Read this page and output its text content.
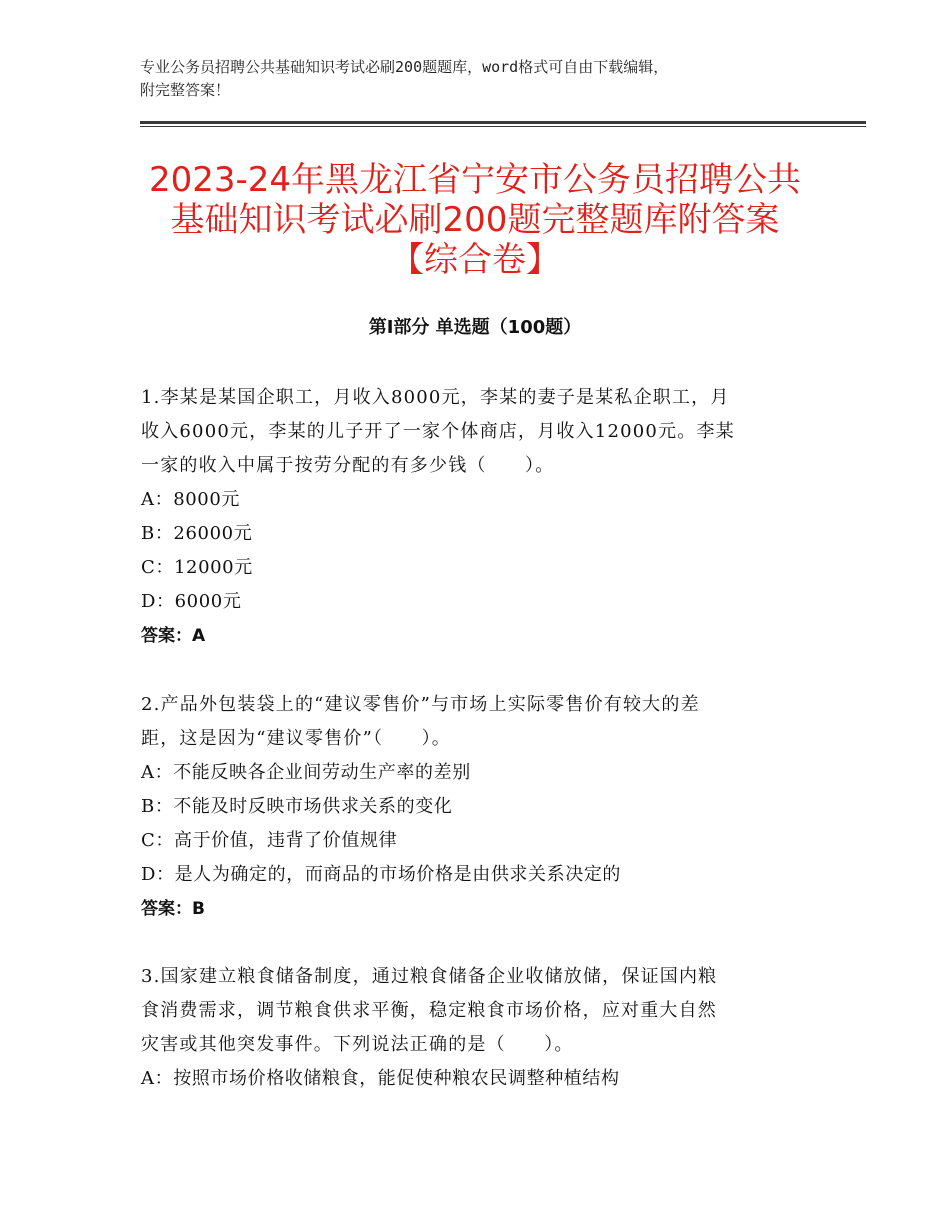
专业公务员招聘公共基础知识考试必刷200题题库，word格式可自由下载编辑，
附完整答案！
2023-24年黑龙江省宁安市公务员招聘公共
基础知识考试必刷200题完整题库附答案
【综合卷】
第Ⅰ部分 单选题（100题）
1.李某是某国企职工，月收入8000元，李某的妻子是某私企职工，月
收入6000元，李某的儿子开了一家个体商店，月收入12000元。李某
一家的收入中属于按劳分配的有多少钱（　　）。
A：8000元
B：26000元
C：12000元
D：6000元
答案：A
2.产品外包装袋上的“建议零售价”与市场上实际零售价有较大的差
距，这是因为“建议零售价”（　　）。
A：不能反映各企业间劳动生产率的差别
B：不能及时反映市场供求关系的变化
C：高于价值，违背了价值规律
D：是人为确定的，而商品的市场价格是由供求关系决定的
答案：B
3.国家建立粮食储备制度，通过粮食储备企业收储放储，保证国内粮
食消费需求，调节粮食供求平衡，稳定粮食市场价格，应对重大自然
灾害或其他突发事件。下列说法正确的是（　　）。
A：按照市场价格收储粮食，能促使种粮农民调整种植结构
